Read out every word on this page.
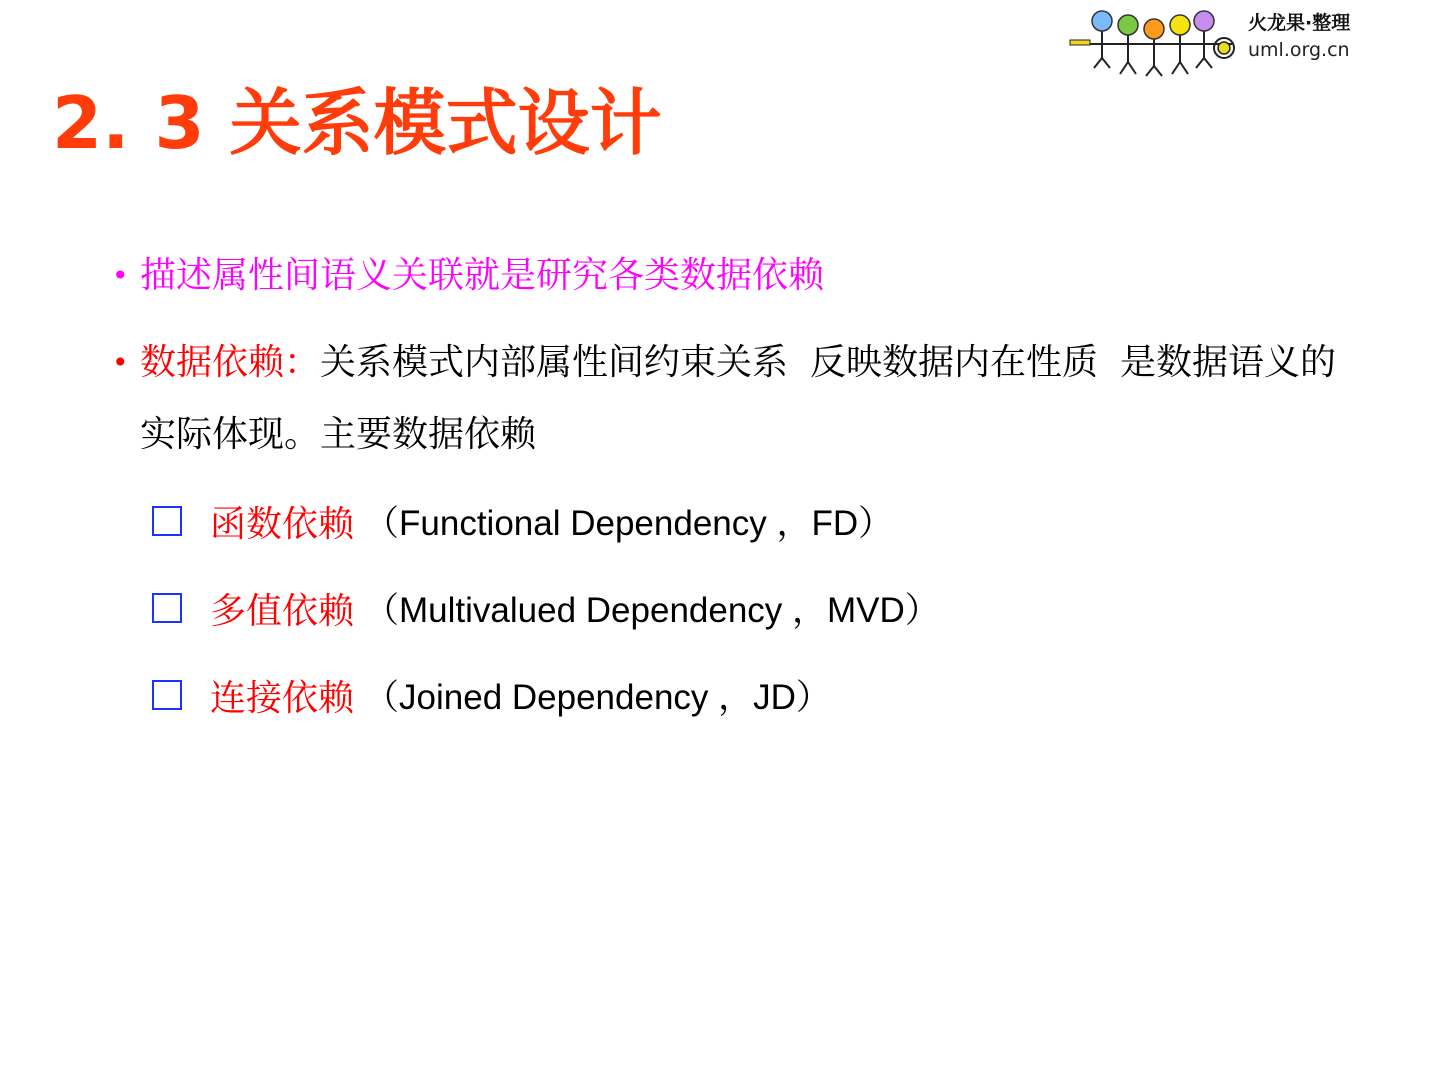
火龙果·整理
uml.org.cn
2. 3 关系模式设计
• 描述属性间语义关联就是研究各类数据依赖
• 数据依赖：关系模式内部属性间约束关系 反映数据内在性质 是数据语义的实际体现。主要数据依赖
函数依赖 （Functional Dependency ，FD）
多值依赖 （Multivalued Dependency ，MVD）
连接依赖 （Joined Dependency ，JD）
